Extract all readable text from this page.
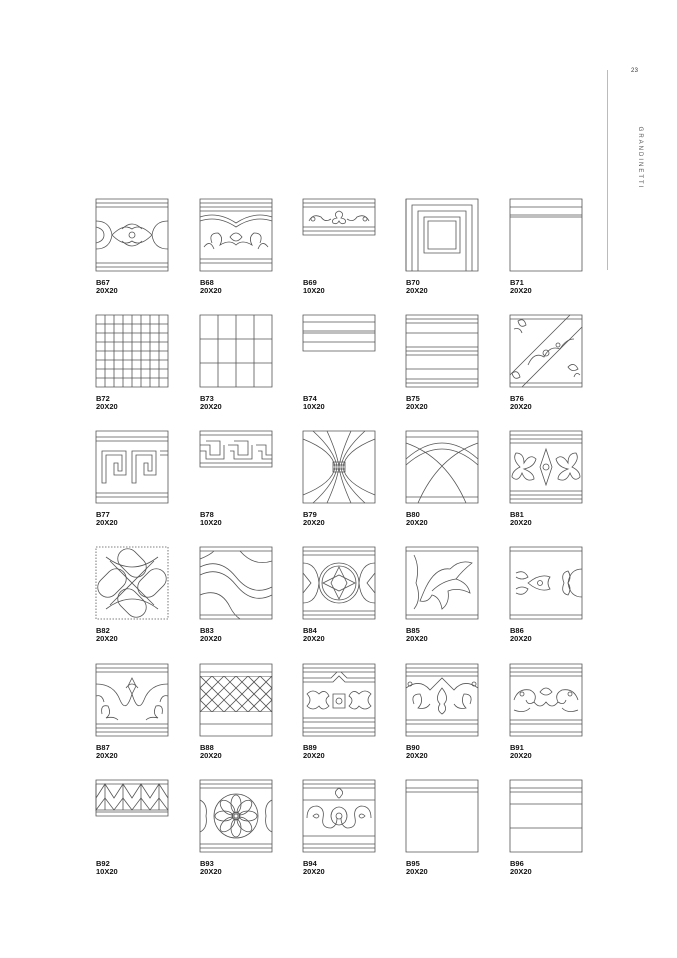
23
GRANDINETTI
B67
20X20
B68
20X20
B69
10X20
B70
20X20
B71
20X20
B72
20X20
B73
20X20
B74
10X20
B75
20X20
B76
20X20
B77
20X20
B78
10X20
B79
20X20
B80
20X20
B81
20X20
B82
20X20
B83
20X20
B84
20X20
B85
20X20
B86
20X20
B87
20X20
B88
20X20
B89
20X20
B90
20X20
B91
20X20
B92
10X20
B93
20X20
B94
20X20
B95
20X20
B96
20X20
